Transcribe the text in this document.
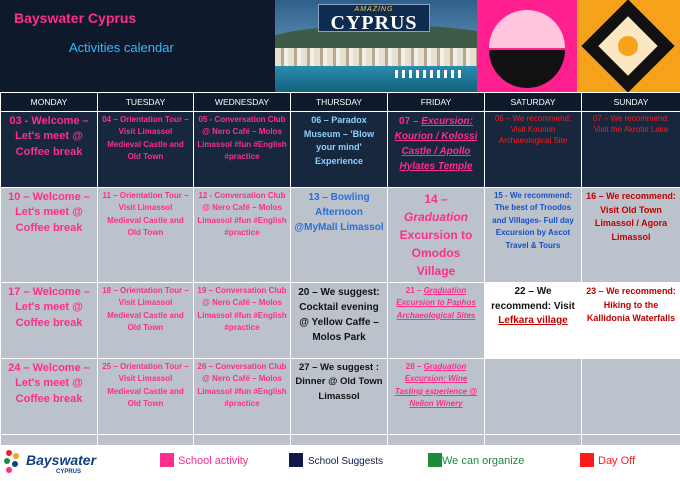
Bayswater Cyprus
Activities calendar
AMAZING
CYPRUS
MONDAY	TUESDAY	WEDNESDAY	THURSDAY	FRIDAY	SATURDAY	SUNDAY
03 - Welcome – Let's meet @ Coffee break	04 – Orientation Tour – Visit Limassol Medieval Castle and Old Town	05 - Conversation Club @ Nero Café – Molos Limassol #fun #English #practice	06 – Paradox Museum – 'Blow your mind' Experience	07 – Excursion: Kourion / Kolossi Castle / Apollo Hylates Temple	06 – We recommend: Visit Kourion Archaeological Site	07 – We recommend: Visit the Akrotiri Lake
10 – Welcome – Let's meet @ Coffee break	11 – Orientation Tour – Visit Limassol Medieval Castle and Old Town	12 - Conversation Club @ Nero Café – Molos Limassol #fun #English #practice	13 – Bowling Afternoon @MyMall Limassol	14 – Graduation Excursion to Omodos Village	15 - We recommend: The best of Troodos and Villages- Full day Excursion by Ascot Travel & Tours	16 – We recommend: Visit Old Town Limassol / Agora Limassol
17 – Welcome – Let's meet @ Coffee break	18 – Orientation Tour – Visit Limassol Medieval Castle and Old Town	19 – Conversation Club @ Nero Café – Molos Limassol #fun #English #practice	20 – We suggest: Cocktail evening @ Yellow Caffe – Molos Park	21 – Graduation Excursion to Paphos Archaeological Sites	22 – We recommend: Visit Lefkara village	23 – We recommend: Hiking to the Kallidonia Waterfalls
24 – Welcome – Let's meet @ Coffee break	25 – Orientation Tour – Visit Limassol Medieval Castle and Old Town	26 – Conversation Club @ Nero Café – Molos Limassol #fun #English #practice	27 – We suggest : Dinner @ Old Town Limassol	28 – Graduation Excursion: Wine Tasting experience @ Nelion Winery		

Bayswater
CYPRUS
School activity	School Suggests	We can organize	Day Off
